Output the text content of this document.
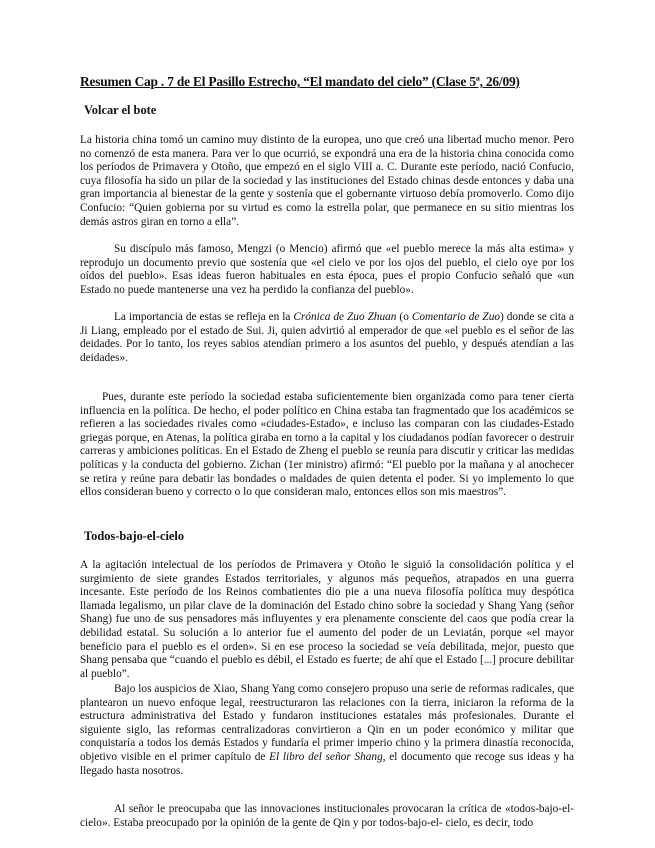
Resumen Cap . 7 de El Pasillo Estrecho, “El mandato del cielo” (Clase 5ª, 26/09)
Volcar el bote

La historia china tomó un camino muy distinto de la europea, uno que creó una libertad mucho menor. Pero no comenzó de esta manera. Para ver lo que ocurrió, se expondrá una era de la historia china conocida como los períodos de Primavera y Otoño, que empezó en el siglo VIII a. C. Durante este período, nació Confucio, cuya filosofía ha sido un pilar de la sociedad y las instituciones del Estado chinas desde entonces y daba una gran importancia al bienestar de la gente y sostenía que el gobernante virtuoso debía promoverlo. Como dijo Confucio: “Quien gobierna por su virtud es como la estrella polar, que permanece en su sitio mientras los demás astros giran en torno a ella”.

Su discípulo más famoso, Mengzi (o Mencio) afirmó que «el pueblo merece la más alta estima» y reprodujo un documento previo que sostenía que «el cielo ve por los ojos del pueblo, el cielo oye por los oídos del pueblo». Esas ideas fueron habituales en esta época, pues el propio Confucio señaló que «un Estado no puede mantenerse una vez ha perdido la confianza del pueblo».

La importancia de estas se refleja en la Crónica de Zuo Zhuan (o Comentario de Zuo) donde se cita a Ji Liang, empleado por el estado de Sui. Ji, quien advirtió al emperador de que «el pueblo es el señor de las deidades. Por lo tanto, los reyes sabios atendían primero a los asuntos del pueblo, y después atendían a las deidades».

Pues, durante este período la sociedad estaba suficientemente bien organizada como para tener cierta influencia en la política. De hecho, el poder político en China estaba tan fragmentado que los académicos se refieren a las sociedades rivales como «ciudades-Estado», e incluso las comparan con las ciudades-Estado griegas porque, en Atenas, la política giraba en torno a la capital y los ciudadanos podían favorecer o destruir carreras y ambiciones políticas. En el Estado de Zheng el pueblo se reunía para discutir y criticar las medidas políticas y la conducta del gobierno. Zichan (1er ministro) afirmó: “El pueblo por la mañana y al anochecer se retira y reúne para debatir las bondades o maldades de quien detenta el poder. Si yo implemento lo que ellos consideran bueno y correcto o lo que consideran malo, entonces ellos son mis maestros”.

Todos-bajo-el-cielo

A la agitación intelectual de los períodos de Primavera y Otoño le siguió la consolidación política y el surgimiento de siete grandes Estados territoriales, y algunos más pequeños, atrapados en una guerra incesante. Este período de los Reinos combatientes dio pie a una nueva filosofía política muy despótica llamada legalismo, un pilar clave de la dominación del Estado chino sobre la sociedad y Shang Yang (señor Shang) fue uno de sus pensadores más influyentes y era plenamente consciente del caos que podía crear la debilidad estatal. Su solución a lo anterior fue el aumento del poder de un Leviatán, porque «el mayor beneficio para el pueblo es el orden». Si en ese proceso la sociedad se veía debilitada, mejor, puesto que Shang pensaba que “cuando el pueblo es débil, el Estado es fuerte; de ahí que el Estado [...] procure debilitar al pueblo”.

Bajo los auspicios de Xiao, Shang Yang como consejero propuso una serie de reformas radicales, que plantearon un nuevo enfoque legal, reestructuraron las relaciones con la tierra, iniciaron la reforma de la estructura administrativa del Estado y fundaron instituciones estatales más profesionales. Durante el siguiente siglo, las reformas centralizadoras convirtieron a Qin en un poder económico y militar que conquistaría a todos los demás Estados y fundaría el primer imperio chino y la primera dinastía reconocida, objetivo visible en el primer capítulo de El libro del señor Shang, el documento que recoge sus ideas y ha llegado hasta nosotros.

Al señor le preocupaba que las innovaciones institucionales provocaran la crítica de «todos-bajo-el-cielo». Estaba preocupado por la opinión de la gente de Qin y por todos-bajo-el- cielo, es decir, todo
